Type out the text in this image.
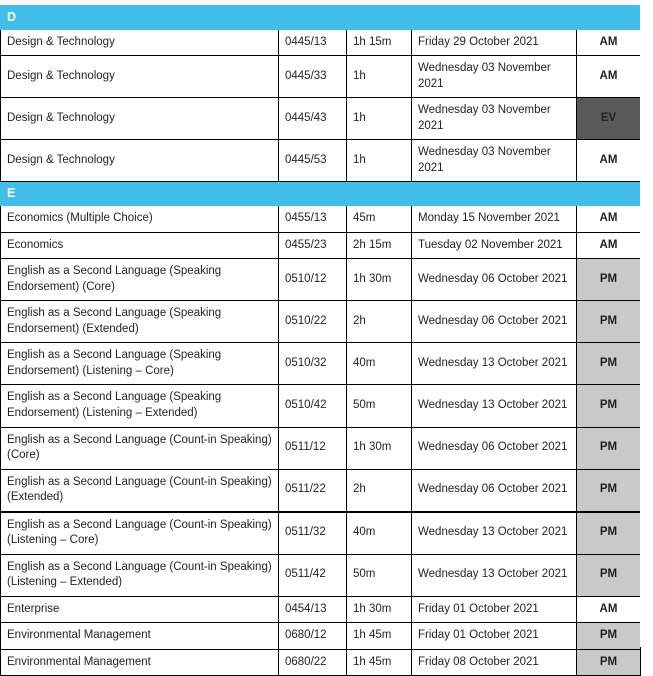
D				
Design & Technology	0445/13	1h 15m	Friday 29 October 2021	AM
Design & Technology	0445/33	1h	Wednesday 03 November 2021	AM
Design & Technology	0445/43	1h	Wednesday 03 November 2021	EV
Design & Technology	0445/53	1h	Wednesday 03 November 2021	AM
E				
Economics (Multiple Choice)	0455/13	45m	Monday 15 November 2021	AM
Economics	0455/23	2h 15m	Tuesday 02 November 2021	AM
English as a Second Language (Speaking Endorsement) (Core)	0510/12	1h 30m	Wednesday 06 October 2021	PM
English as a Second Language (Speaking Endorsement) (Extended)	0510/22	2h	Wednesday 06 October 2021	PM
English as a Second Language (Speaking Endorsement) (Listening – Core)	0510/32	40m	Wednesday 13 October 2021	PM
English as a Second Language (Speaking Endorsement) (Listening – Extended)	0510/42	50m	Wednesday 13 October 2021	PM
English as a Second Language (Count-in Speaking) (Core)	0511/12	1h 30m	Wednesday 06 October 2021	PM
English as a Second Language (Count-in Speaking) (Extended)	0511/22	2h	Wednesday 06 October 2021	PM
English as a Second Language (Count-in Speaking) (Listening – Core)	0511/32	40m	Wednesday 13 October 2021	PM
English as a Second Language (Count-in Speaking) (Listening – Extended)	0511/42	50m	Wednesday 13 October 2021	PM
Enterprise	0454/13	1h 30m	Friday 01 October 2021	AM
Environmental Management	0680/12	1h 45m	Friday 01 October 2021	PM
Environmental Management	0680/22	1h 45m	Friday 08 October 2021	PM
